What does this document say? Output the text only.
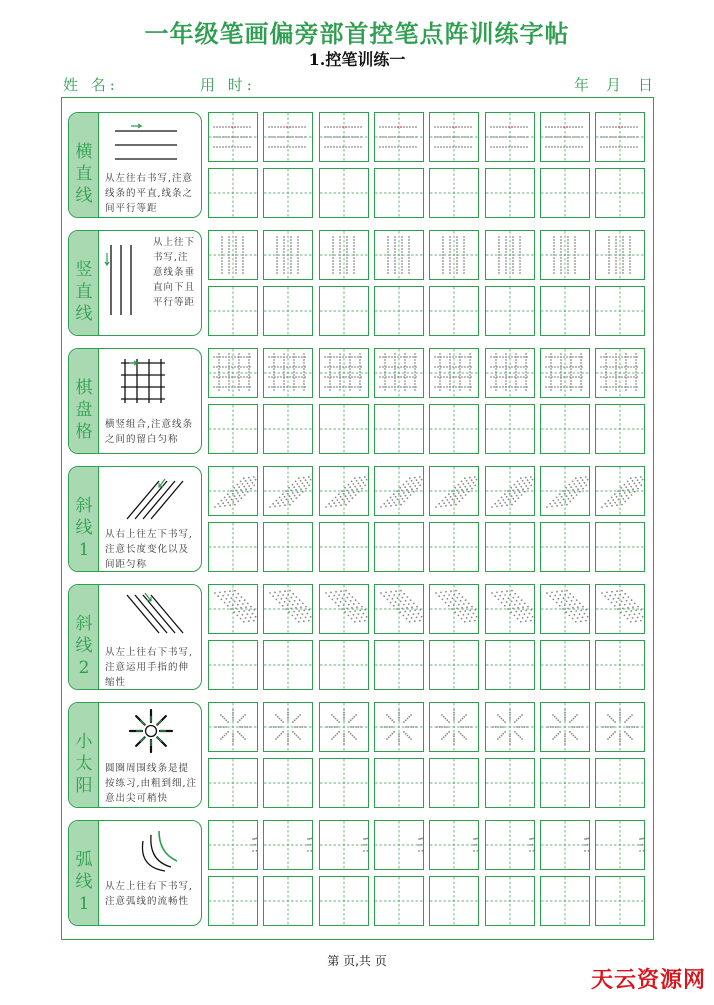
一年级笔画偏旁部首控笔点阵训练字帖
1.控笔训练一
姓 名:	用 时:	年 月 日
横
直
线
从左往右书写,注意线条的平直,线条之间平行等距
竖
直
线
从上往下书写,注意线条垂直向下且平行等距
棋
盘
格	横竖组合,注意线条之间的留白匀称
斜
线
1
从右上往左下书写,注意长度变化以及间距匀称
斜
线
2
从左上往右下书写,注意运用手指的伸缩性
小
太
阳
圆圈周围线条是提按练习,由粗到细,注意出尖可稍快
弧
线
1
从左上往右下书写,注意弧线的流畅性
第 页,共 页
天云资源网
